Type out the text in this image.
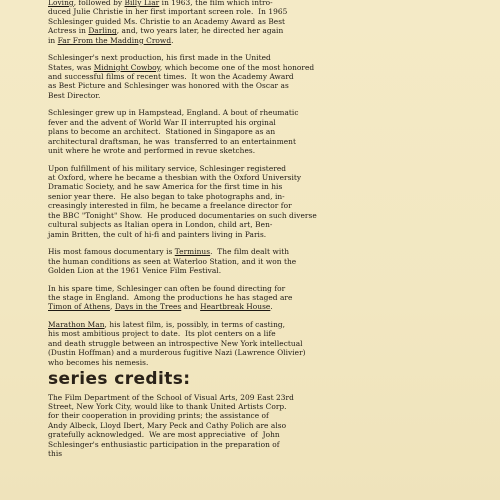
Loving, followed by Billy Liar in 1963, the film which intro-
duced Julie Christie in her first important screen role.  In 1965
Schlesinger guided Ms. Christie to an Academy Award as Best
Actress in Darling, and, two years later, he directed her again
in Far From the Madding Crowd.

Schlesinger's next production, his first made in the United
States, was Midnight Cowboy, which become one of the most honored
and successful films of recent times.  It won the Academy Award
as Best Picture and Schlesinger was honored with the Oscar as
Best Director.

Schlesinger grew up in Hampstead, England. A bout of rheumatic
fever and the advent of World War II interrupted his orginal
plans to become an architect.  Stationed in Singapore as an
architectural draftsman, he was  transferred to an entertainment
unit where he wrote and performed in revue sketches.

Upon fulfillment of his military service, Schlesinger registered
at Oxford, where he became a thesbian with the Oxford University
Dramatic Society, and he saw America for the first time in his
senior year there.  He also began to take photographs and, in-
creasingly interested in film, he became a freelance director for
the BBC "Tonight" Show.  He produced documentaries on such diverse
cultural subjects as Italian opera in London, child art, Ben-
jamin Britten, the cult of hi-fi and painters living in Paris.

His most famous documentary is Terminus.  The film dealt with
the human conditions as seen at Waterloo Station, and it won the
Golden Lion at the 1961 Venice Film Festival.

In his spare time, Schlesinger can often be found directing for
the stage in England.  Among the productions he has staged are
Timon of Athens, Days in the Trees and Heartbreak House.

Marathon Man, his latest film, is, possibly, in terms of casting,
his most ambitious project to date.  Its plot centers on a life
and death struggle between an introspective New York intellectual
(Dustin Hoffman) and a murderous fugitive Nazi (Lawrence Olivier)
who becomes his nemesis.

series credits:

The Film Department of the School of Visual Arts, 209 East 23rd
Street, New York City, would like to thank United Artists Corp.
for their cooperation in providing prints; the assistance of
Andy Albeck, Lloyd Ibert, Mary Peck and Cathy Polich are also
gratefully acknowledged.  We are most appreciative  of  John
Schlesinger's enthusiastic participation in the preparation of
this
